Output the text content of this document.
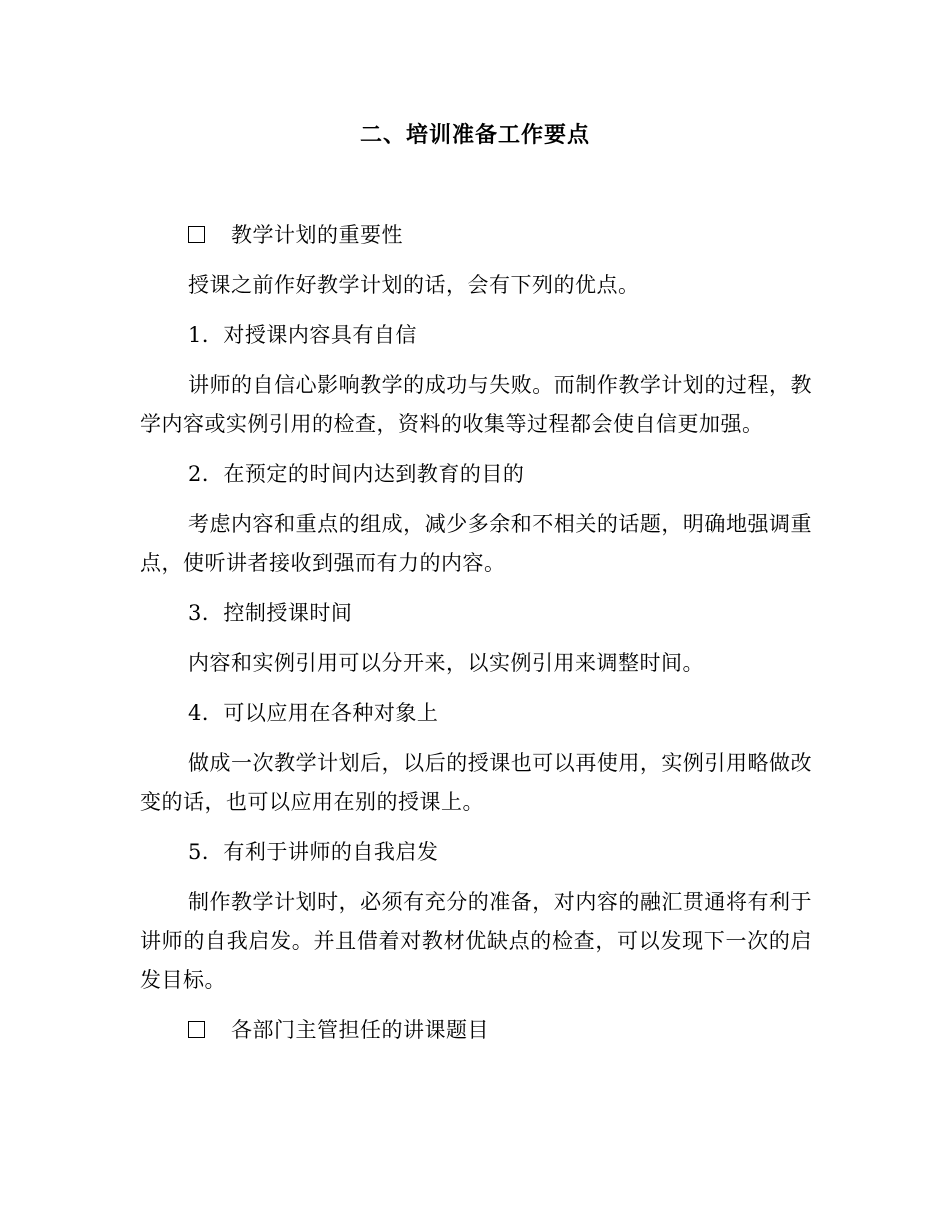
二、培训准备工作要点
教学计划的重要性

授课之前作好教学计划的话，会有下列的优点。

1．对授课内容具有自信

讲师的自信心影响教学的成功与失败。而制作教学计划的过程，教学内容或实例引用的检查，资料的收集等过程都会使自信更加强。

2．在预定的时间内达到教育的目的

考虑内容和重点的组成，减少多余和不相关的话题，明确地强调重点，使听讲者接收到强而有力的内容。

3．控制授课时间

内容和实例引用可以分开来，以实例引用来调整时间。

4．可以应用在各种对象上

做成一次教学计划后，以后的授课也可以再使用，实例引用略做改变的话，也可以应用在别的授课上。

5．有利于讲师的自我启发

制作教学计划时，必须有充分的准备，对内容的融汇贯通将有利于讲师的自我启发。并且借着对教材优缺点的检查，可以发现下一次的启发目标。

各部门主管担任的讲课题目
